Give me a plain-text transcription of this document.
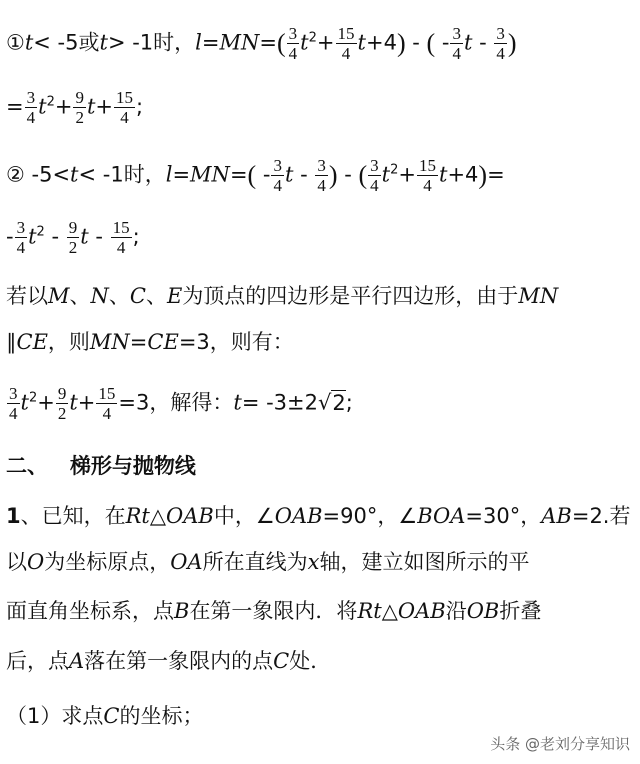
①t< -5或t> -1时，$l=MN=( \frac{3}{4} t^2+ \frac{15}{4} t+4)$ - ( - $\frac{3}{4}$ t - $\frac{3}{4}$ )
= $\frac{3}{4} t^2+ \frac{9}{2} t+ \frac{15}{4}$ ;
② -5<t< -1时，$l=MN=( - \frac{3}{4}$ t - $\frac{3}{4}$ ) - ( $\frac{3}{4} t^2+ \frac{15}{4} t+4)=$
- $\frac{3}{4} t^2 - \frac{9}{2}$ t - $\frac{15}{4}$ ;
若以M、N、C、E为顶点的四边形是平行四边形，由于MN
∥CE，则MN=CE=3，则有：
$\frac{3}{4} t^2+ \frac{9}{2} t+ \frac{15}{4} =3$，解得：t= -3±2√2;
二、   梯形与抛物线
1、已知，在Rt△OAB中，∠OAB=90°，∠BOA=30°，AB=2.若
以O为坐标原点，OA所在直线为x轴，建立如图所示的平
面直角坐标系，点B在第一象限内．将Rt△OAB沿OB折叠
后，点A落在第一象限内的点C处．
（1）求点C的坐标；
头条 @老刘分享知识
